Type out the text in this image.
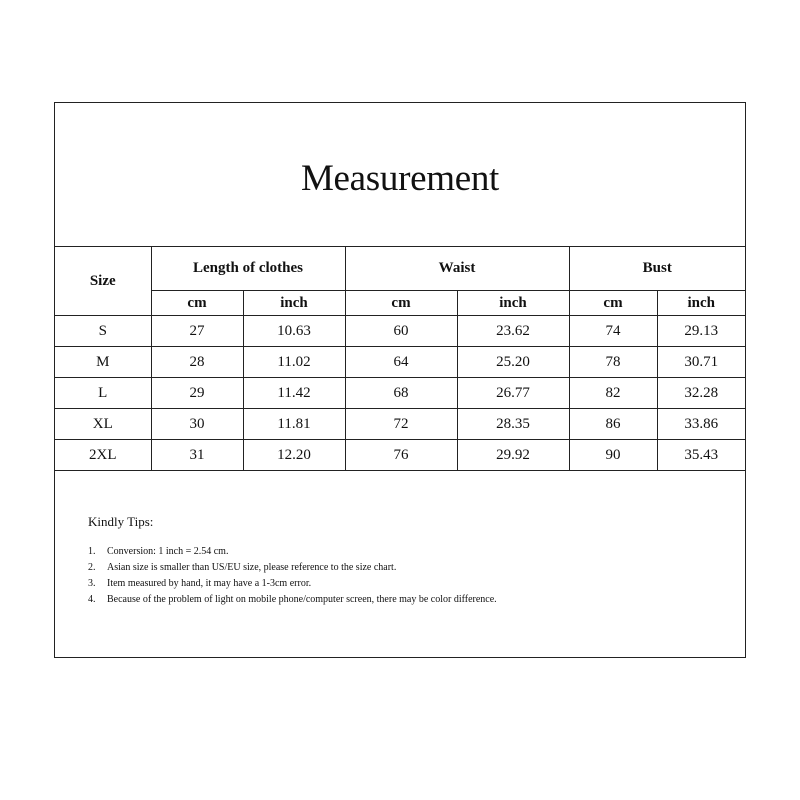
Measurement
Size	Length of clothes		Waist		Bust	
	cm	inch	cm	inch	cm	inch
S	27	10.63	60	23.62	74	29.13
M	28	11.02	64	25.20	78	30.71
L	29	11.42	68	26.77	82	32.28
XL	30	11.81	72	28.35	86	33.86
2XL	31	12.20	76	29.92	90	35.43
Kindly Tips:
1.	Conversion: 1 inch = 2.54 cm.
2.	Asian size is smaller than US/EU size, please reference to the size chart.
3.	Item measured by hand, it may have a 1-3cm error.
4.	Because of the problem of light on mobile phone/computer screen, there may be color difference.
